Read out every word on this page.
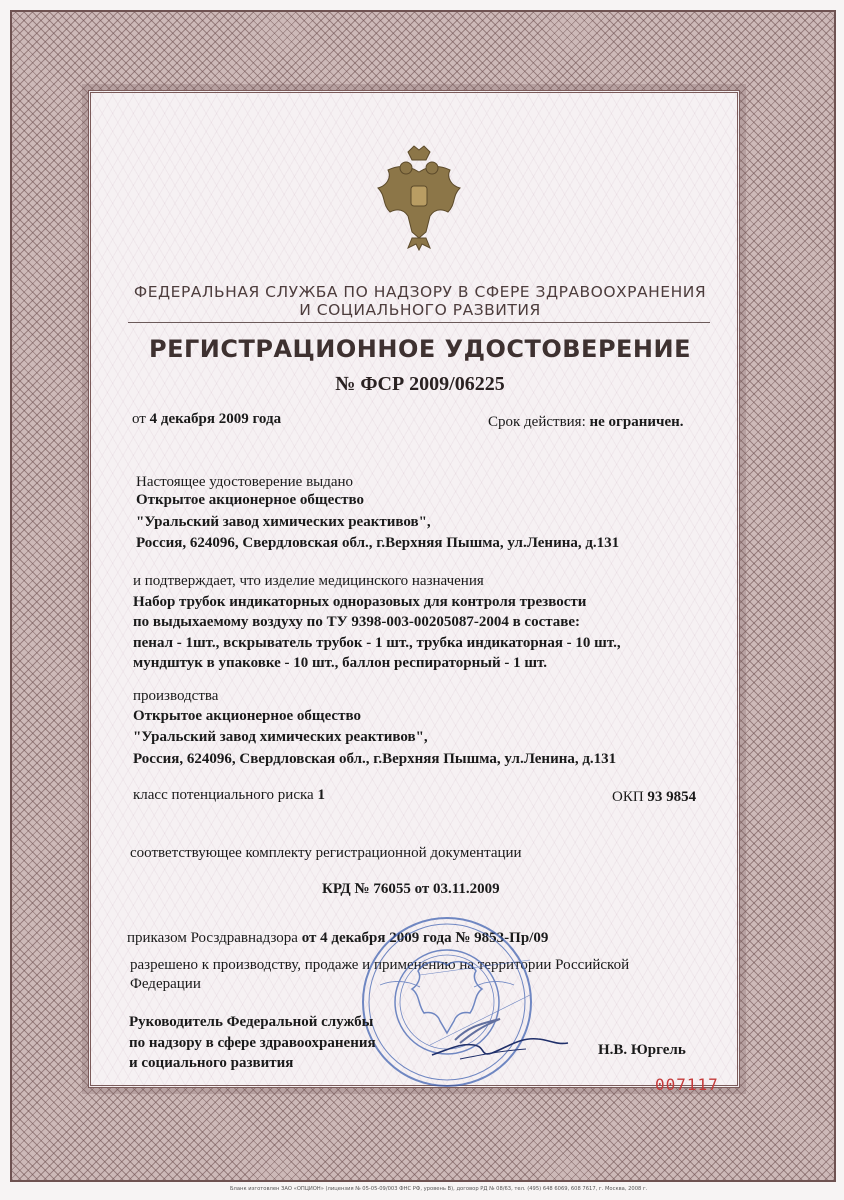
ФЕДЕРАЛЬНАЯ СЛУЖБА ПО НАДЗОРУ В СФЕРЕ ЗДРАВООХРАНЕНИЯ
И СОЦИАЛЬНОГО РАЗВИТИЯ
РЕГИСТРАЦИОННОЕ УДОСТОВЕРЕНИЕ
№ ФСР 2009/06225
от 4 декабря 2009 года	Срок действия: не ограничен.
Настоящее удостоверение выдано
Открытое акционерное общество
"Уральский завод химических реактивов",
Россия, 624096, Свердловская обл., г.Верхняя Пышма, ул.Ленина, д.131
и подтверждает, что изделие медицинского назначения
Набор трубок индикаторных одноразовых для контроля трезвости
по выдыхаемому воздуху по ТУ 9398-003-00205087-2004 в составе:
пенал - 1шт., вскрыватель трубок - 1 шт., трубка индикаторная - 10 шт.,
мундштук в упаковке - 10 шт., баллон респираторный - 1 шт.
производства
Открытое акционерное общество
"Уральский завод химических реактивов",
Россия, 624096, Свердловская обл., г.Верхняя Пышма, ул.Ленина, д.131
класс потенциального риска 1	ОКП 93 9854
соответствующее комплекту регистрационной документации
КРД № 76055 от 03.11.2009
приказом Росздравнадзора от 4 декабря 2009 года № 9853-Пр/09
разрешено к производству, продаже и применению на территории Российской
Федерации
Руководитель Федеральной службы
по надзору в сфере здравоохранения
и социального развития
Н.В. Юргель
007117
Бланк изготовлен ЗАО «ОПЦИОН» (лицензия № 05-05-09/003 ФНС РФ, уровень В), договор РД № 08/63, тел. (495) 648 6069, 608 7617, г. Москва, 2008 г.
